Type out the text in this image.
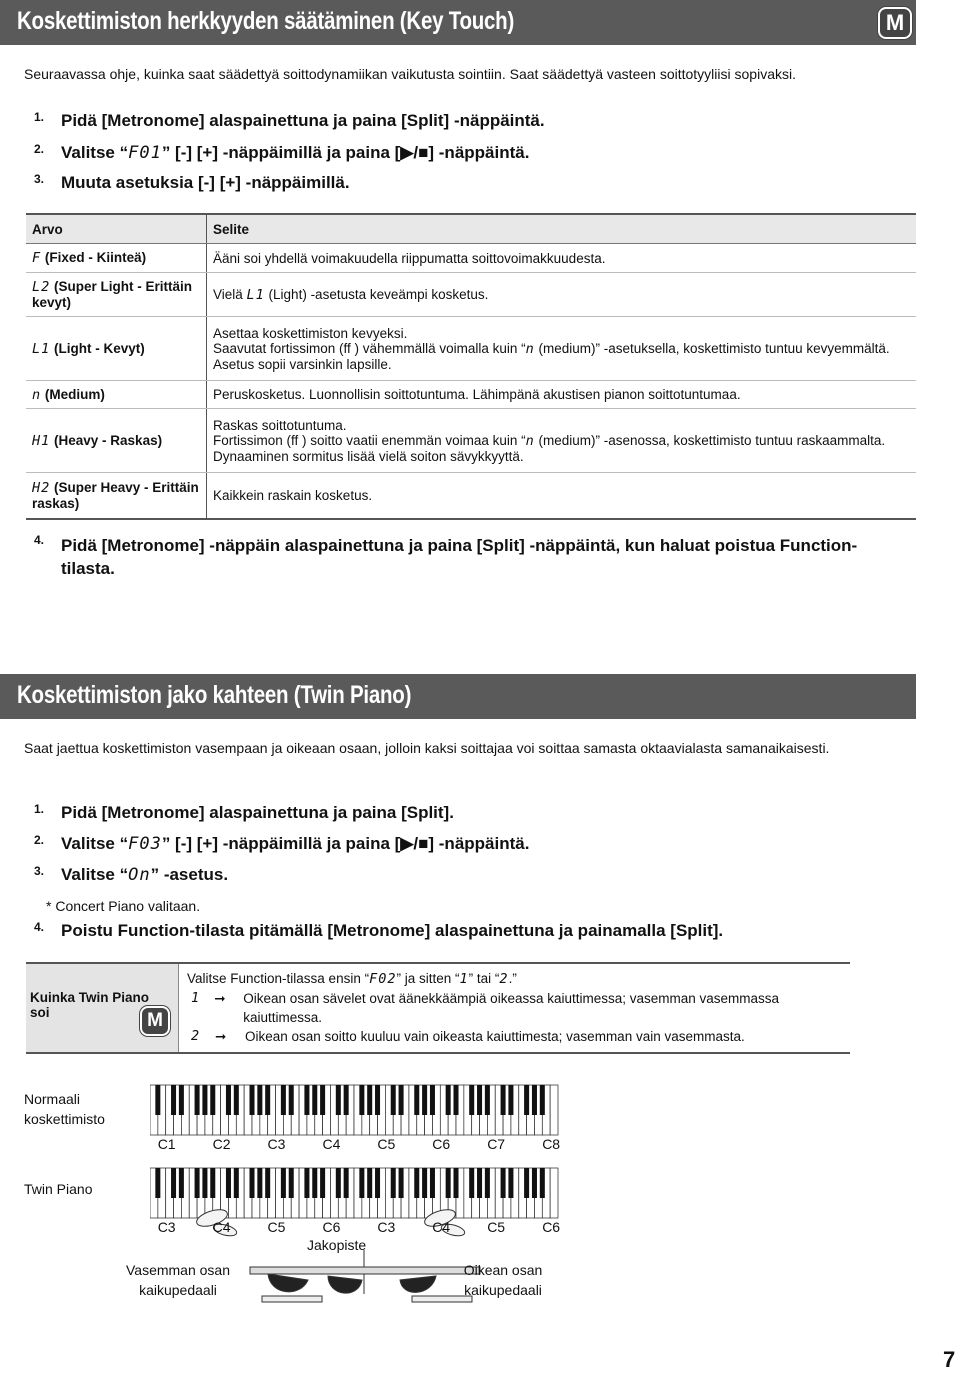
Koskettimiston herkkyyden säätäminen (Key Touch)	M
Seuraavassa ohje, kuinka saat säädettyä soittodynamiikan vaikutusta sointiin. Saat säädettyä vasteen soittotyyliisi sopivaksi.
1. Pidä [Metronome] alaspainettuna ja paina [Split] -näppäintä.
2. Valitse “F01” [-] [+] -näppäimillä ja paina [▶/■] -näppäintä.
3. Muuta asetuksia [-] [+] -näppäimillä.
Arvo	Selite
F (Fixed - Kiinteä)	Ääni soi yhdellä voimakuudella riippumatta soittovoimakkuudesta.
L2 (Super Light - Erittäin kevyt)	Vielä L1 (Light) -asetusta keveämpi kosketus.
L1 (Light - Kevyt)	Asettaa koskettimiston kevyeksi.
Saavutat fortissimon (ff ) vähemmällä voimalla kuin “n (medium)” -asetuksella, koskettimisto tuntuu kevyemmältä. Asetus sopii varsinkin lapsille.

n (Medium)	Peruskosketus. Luonnollisin soittotuntuma. Lähimpänä akustisen pianon soittotuntumaa.
H1 (Heavy - Raskas)	Raskas soittotuntuma.
Fortissimon (ff ) soitto vaatii enemmän voimaa kuin “n (medium)” -asenossa, koskettimisto tuntuu raskaammalta. Dynaaminen sormitus lisää vielä soiton sävykkyyttä.

H2 (Super Heavy - Erittäin raskas)	Kaikkein raskain kosketus.
4. Pidä [Metronome] -näppäin alaspainettuna ja paina [Split] -näppäintä, kun haluat poistua Function-tilasta.
Koskettimiston jako kahteen (Twin Piano)
Saat jaettua koskettimiston vasempaan ja oikeaan osaan, jolloin kaksi soittajaa voi soittaa samasta oktaavialasta samanaikaisesti.
1. Pidä [Metronome] alaspainettuna ja paina [Split].
2. Valitse “F03” [-] [+] -näppäimillä ja paina [▶/■] -näppäintä.
3. Valitse “On” -asetus.
* Concert Piano valitaan.
4. Poistu Function-tilasta pitämällä [Metronome] alaspainettuna ja painamalla [Split].
Kuinka Twin Piano soi	M

Valitse Function-tilassa ensin “F02” ja sitten “1” tai “2.”
1	➞	Oikean osan sävelet ovat äänekkäämpiä oikeassa kaiuttimessa; vasemman vasemmassa kaiuttimessa.
2	➞	Oikean osan soitto kuuluu vain oikeasta kaiuttimesta; vasemman vain vasemmasta.
Normaali koskettimisto
Twin Piano
C1	C2	C3	C4	C5	C6	C7	C8
C3	C4	C5	C6	C3	C4	C5	C6
Jakopiste
Vasemman osan kaikupedaali
Oikean osan kaikupedaali
7
